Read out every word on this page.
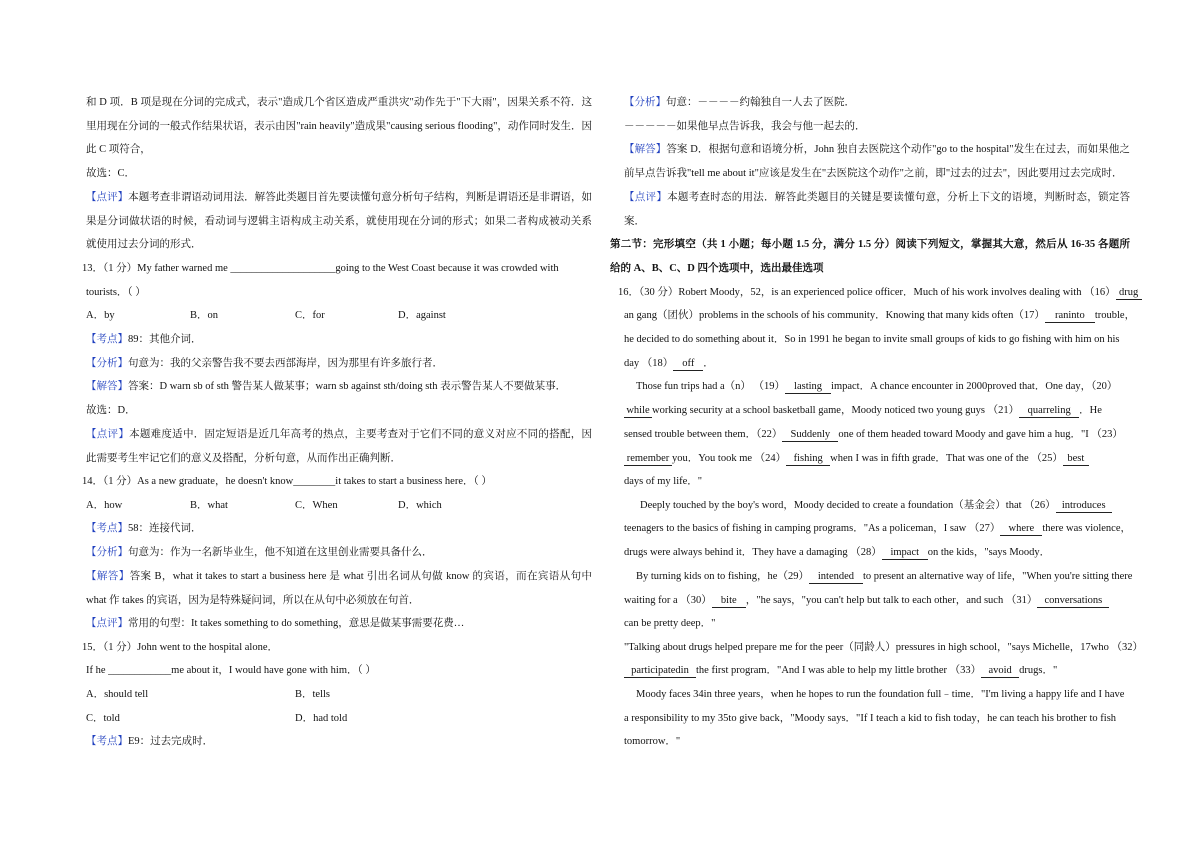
和 D 项．B 项是现在分词的完成式，表示"造成几个省区造成严重洪灾"动作先于"下大雨"，因果关系不符．这
里用现在分词的一般式作结果状语，表示由因"rain heavily"造成果"causing serious flooding"，动作同时发生．因
此 C 项符合，
故选：C．
【点评】本题考查非谓语动词用法．解答此类题目首先要读懂句意分析句子结构，判断是谓语还是非谓语，如
果是分词做状语的时候，看动词与逻辑主语构成主动关系，就使用现在分词的形式；如果二者构成被动关系
就使用过去分词的形式．
13．（1 分）My father warned me ____________________going to the West Coast because it was crowded with
tourists．（ ）
A．by	B．on	C．for	D．against
【考点】89：其他介词．
【分析】句意为：我的父亲警告我不要去西部海岸，因为那里有许多旅行者．
【解答】答案：D warn sb of sth 警告某人做某事；warn sb against sth/doing sth 表示警告某人不要做某事．
故选：D．
【点评】本题难度适中．固定短语是近几年高考的热点，主要考查对于它们不同的意义对应不同的搭配，因
此需要考生牢记它们的意义及搭配，分析句意，从而作出正确判断．
14．（1 分）As a new graduate，he doesn't know________it takes to start a business here．（ ）
A．how	B．what	C．When	D．which
【考点】58：连接代词．
【分析】句意为：作为一名新毕业生，他不知道在这里创业需要具备什么．
【解答】答案 B，what it takes to start a business here 是 what 引出名词从句做 know 的宾语，而在宾语从句中
what 作 takes 的宾语，因为是特殊疑问词，所以在从句中必须放在句首．
【点评】常用的句型：It takes something to do something，意思是做某事需要花费…
15．（1 分）John went to the hospital alone．
If he ____________me about it，I would have gone with him．（ ）
A．should tell	B．tells
C．told	D．had told
【考点】E9：过去完成时．
【分析】句意：－－－－约翰独自一人去了医院．
－－－－－如果他早点告诉我，我会与他一起去的．
【解答】答案 D．根据句意和语境分析，John 独自去医院这个动作"go to the hospital"发生在过去，而如果他之
前早点告诉我"tell me about it"应该是发生在"去医院这个动作"之前，即"过去的过去"，因此要用过去完成时．
【点评】本题考查时态的用法．解答此类题目的关键是要读懂句意，分析上下文的语境，判断时态，锁定答
案．
第二节：完形填空（共 1 小题；每小题 1.5 分，满分 1.5 分）阅读下列短文，掌握其大意，然后从 16-35 各题所
给的 A、B、C、D 四个选项中，选出最佳选项
16．（30 分）Robert Moody，52，is an experienced police officer．Much of his work involves dealing with （16） drug
an gang（团伙）problems in the schools of his community．Knowing that many kids often（17） raninto trouble，
he decided to do something about it．So in 1991 he began to invite small groups of kids to go fishing with him on his
day （18） off ．
Those fun trips had a（n） （19） lasting impact．A chance encounter in 2000proved that．One day，（20）
while working security at a school basketball game，Moody noticed two young guys （21） quarreling ．He
sensed trouble between them．（22） Suddenly one of them headed toward Moody and gave him a hug．"I （23）
remember you．You took me （24） fishing when I was in fifth grade．That was one of the （25） best
days of my life．"
Deeply touched by the boy's word，Moody decided to create a foundation（基金会）that （26） introduces
teenagers to the basics of fishing in camping programs．"As a policeman，I saw （27） where there was violence，
drugs were always behind it．They have a damaging （28） impact on the kids，"says Moody．
By turning kids on to fishing，he（29） intended to present an alternative way of life，"When you're sitting there
waiting for a （30） bite ，"he says，"you can't help but talk to each other，and such （31） conversations
can be pretty deep．"
"Talking about drugs helped prepare me for the peer（同龄人）pressures in high school，"says Michelle，17who （32）
participatedin the first program．"And I was able to help my little brother （33） avoid drugs．"
Moody faces 34in three years，when he hopes to run the foundation full﹣time．"I'm living a happy life and I have
a responsibility to my 35to give back，"Moody says．"If I teach a kid to fish today，he can teach his brother to fish
tomorrow．"
